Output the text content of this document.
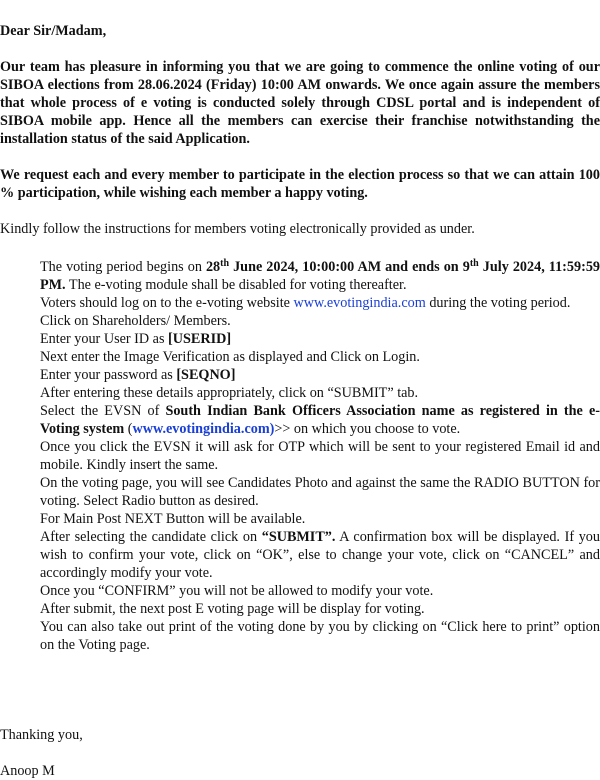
Dear Sir/Madam,

Our team has pleasure in informing you that we are going to commence the online voting of our SIBOA elections from 28.06.2024 (Friday) 10:00 AM onwards. We once again assure the members that whole process of e voting is conducted solely through CDSL portal and is independent of SIBOA mobile app. Hence all the members can exercise their franchise notwithstanding the installation status of the said Application.

We request each and every member to participate in the election process so that we can attain 100 % participation, while wishing each member a happy voting.

Kindly follow the instructions for members voting electronically provided as under.

The voting period begins on 28th June 2024, 10:00:00 AM and ends on 9th July 2024, 11:59:59 PM. The e-voting module shall be disabled for voting thereafter.
Voters should log on to the e-voting website www.evotingindia.com during the voting period.
Click on Shareholders/ Members.
Enter your User ID as [USERID]
Next enter the Image Verification as displayed and Click on Login.
Enter your password as [SEQNO]
After entering these details appropriately, click on “SUBMIT” tab.
Select the EVSN of South Indian Bank Officers Association name as registered in the e-Voting system (www.evotingindia.com)>> on which you choose to vote.
Once you click the EVSN it will ask for OTP which will be sent to your registered Email id and mobile. Kindly insert the same.
On the voting page, you will see Candidates Photo and against the same the RADIO BUTTON for voting. Select Radio button as desired.
For Main Post NEXT Button will be available.
After selecting the candidate click on “SUBMIT”. A confirmation box will be displayed. If you wish to confirm your vote, click on “OK”, else to change your vote, click on “CANCEL” and accordingly modify your vote.
Once you “CONFIRM” you will not be allowed to modify your vote.
After submit, the next post E voting page will be display for voting.
You can also take out print of the voting done by you by clicking on “Click here to print” option on the Voting page.

Thanking you,

Anoop M
